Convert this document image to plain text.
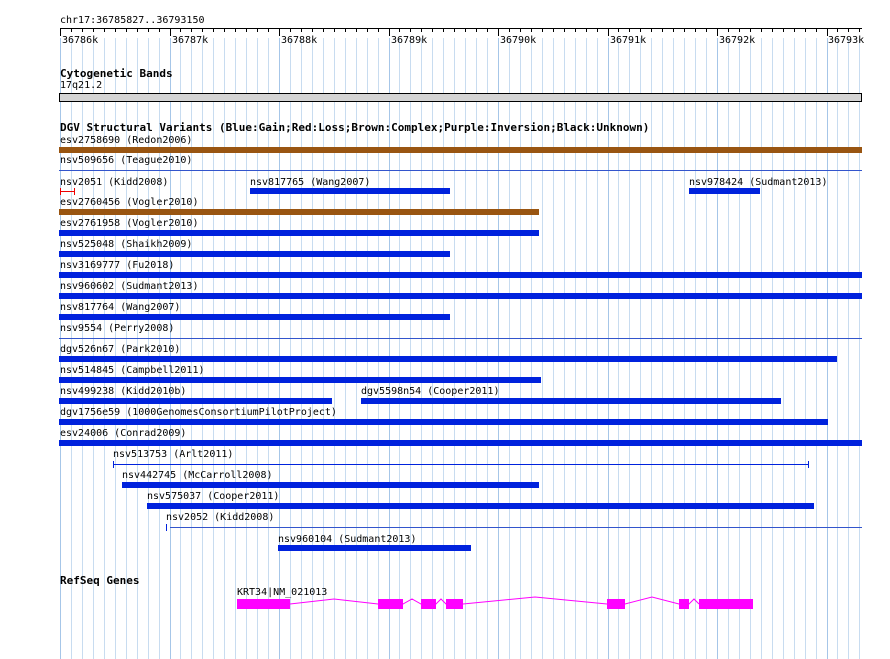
chr17:36785827..36793150
36786k	36787k	36788k	36789k	36790k	36791k	36792k	36793k
Cytogenetic Bands
17q21.2
DGV Structural Variants (Blue:Gain;Red:Loss;Brown:Complex;Purple:Inversion;Black:Unknown)
esv2758690 (Redon2006)
nsv509656 (Teague2010)
nsv2051 (Kidd2008)	nsv817765 (Wang2007)	nsv978424 (Sudmant2013)
esv2760456 (Vogler2010)
esv2761958 (Vogler2010)
nsv525048 (Shaikh2009)
nsv3169777 (Fu2018)
nsv960602 (Sudmant2013)
nsv817764 (Wang2007)
nsv9554 (Perry2008)
dgv526n67 (Park2010)
nsv514845 (Campbell2011)
nsv499238 (Kidd2010b)	dgv5598n54 (Cooper2011)
dgv1756e59 (1000GenomesConsortiumPilotProject)
esv24006 (Conrad2009)
nsv513753 (Arlt2011)
nsv442745 (McCarroll2008)
nsv575037 (Cooper2011)
nsv2052 (Kidd2008)
nsv960104 (Sudmant2013)
RefSeq Genes
KRT34|NM_021013
